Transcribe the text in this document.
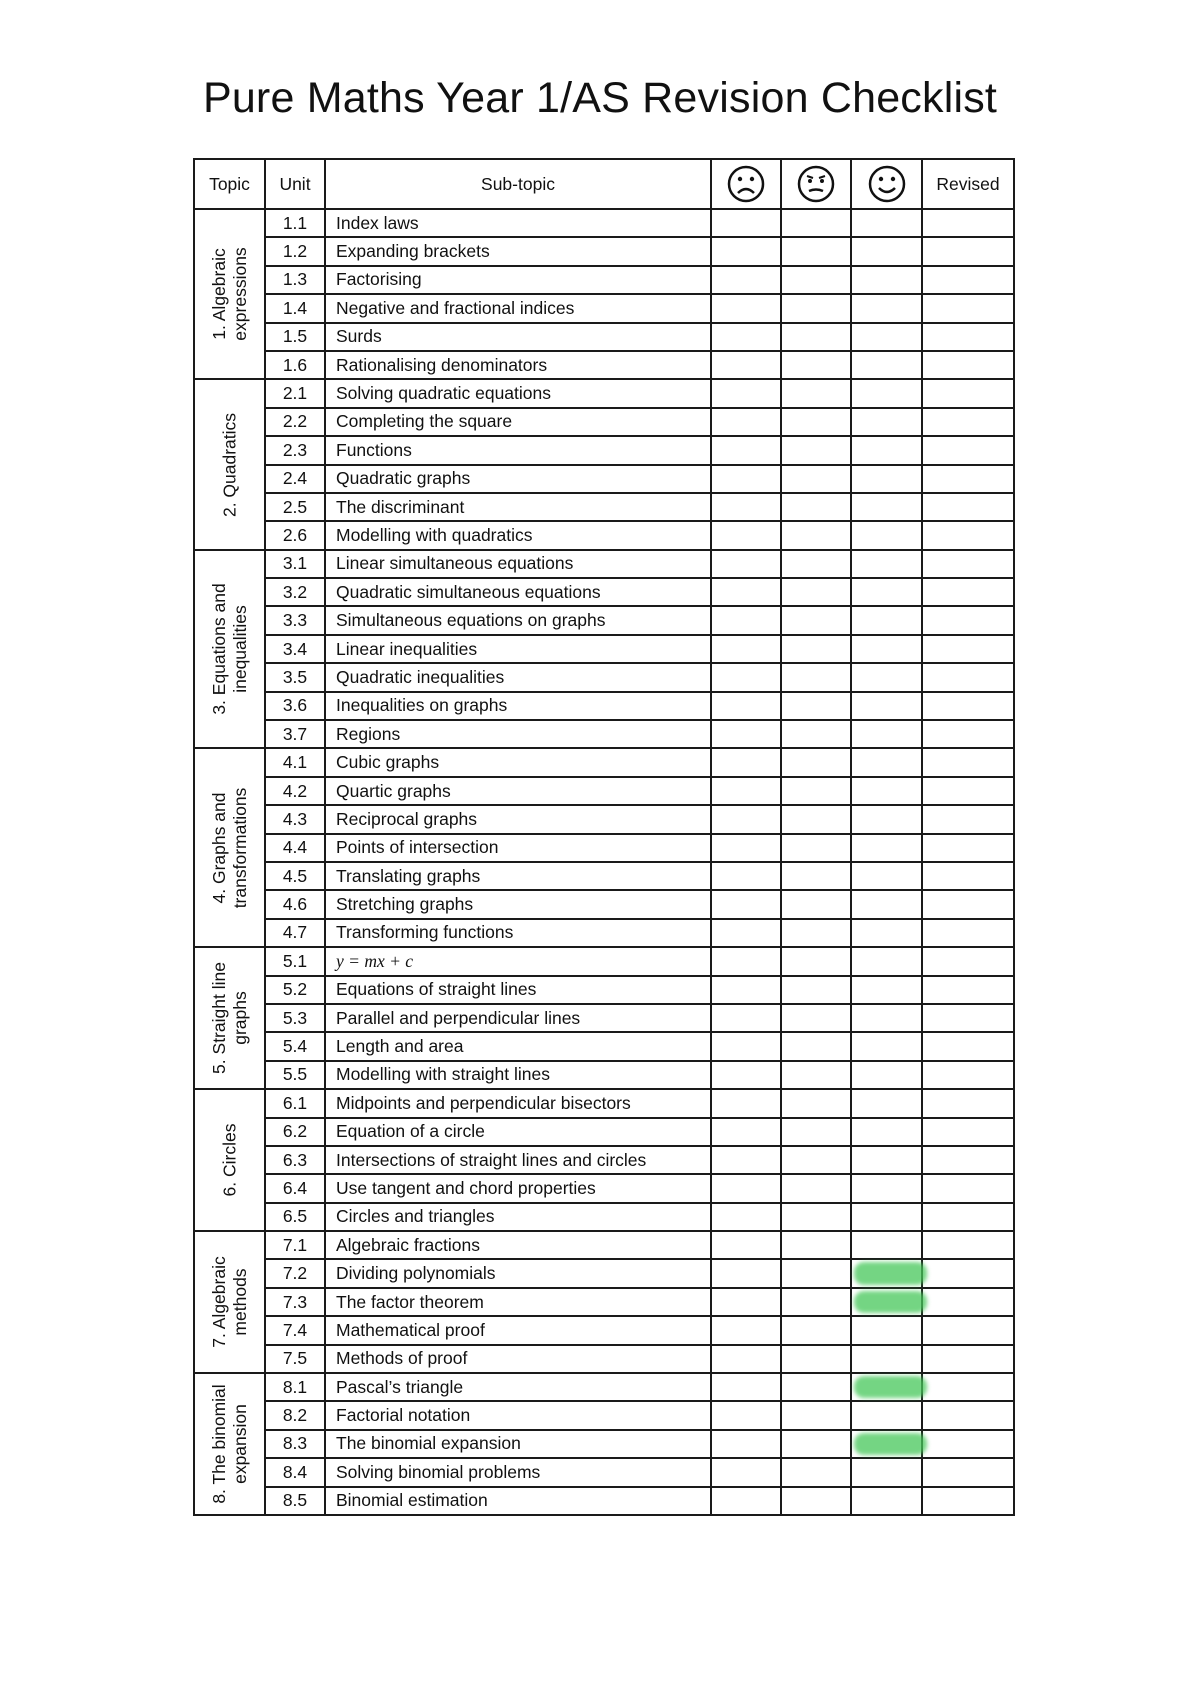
Pure Maths Year 1/AS Revision Checklist
Topic	Unit	Sub-topic				Revised

1. Algebraic expressions	1.1	Index laws				
	1.2	Expanding brackets				
	1.3	Factorising				
	1.4	Negative and fractional indices				
	1.5	Surds				
	1.6	Rationalising denominators				

2. Quadratics	2.1	Solving quadratic equations				
	2.2	Completing the square				
	2.3	Functions				
	2.4	Quadratic graphs				
	2.5	The discriminant				
	2.6	Modelling with quadratics				

3. Equations and inequalities	3.1	Linear simultaneous equations				
	3.2	Quadratic simultaneous equations				
	3.3	Simultaneous equations on graphs				
	3.4	Linear inequalities				
	3.5	Quadratic inequalities				
	3.6	Inequalities on graphs				
	3.7	Regions				

4. Graphs and transformations	4.1	Cubic graphs				
	4.2	Quartic graphs				
	4.3	Reciprocal graphs				
	4.4	Points of intersection				
	4.5	Translating graphs				
	4.6	Stretching graphs				
	4.7	Transforming functions				

5. Straight line graphs	5.1	y = mx + c				
	5.2	Equations of straight lines				
	5.3	Parallel and perpendicular lines				
	5.4	Length and area				
	5.5	Modelling with straight lines				

6. Circles	6.1	Midpoints and perpendicular bisectors				
	6.2	Equation of a circle				
	6.3	Intersections of straight lines and circles				
	6.4	Use tangent and chord properties				
	6.5	Circles and triangles				

7. Algebraic methods	7.1	Algebraic fractions				
	7.2	Dividing polynomials			

	7.3	The factor theorem			

	7.4	Mathematical proof				
	7.5	Methods of proof				

8. The binomial expansion	8.1	Pascal’s triangle			

	8.2	Factorial notation				
	8.3	The binomial expansion			

	8.4	Solving binomial problems				
	8.5	Binomial estimation				
